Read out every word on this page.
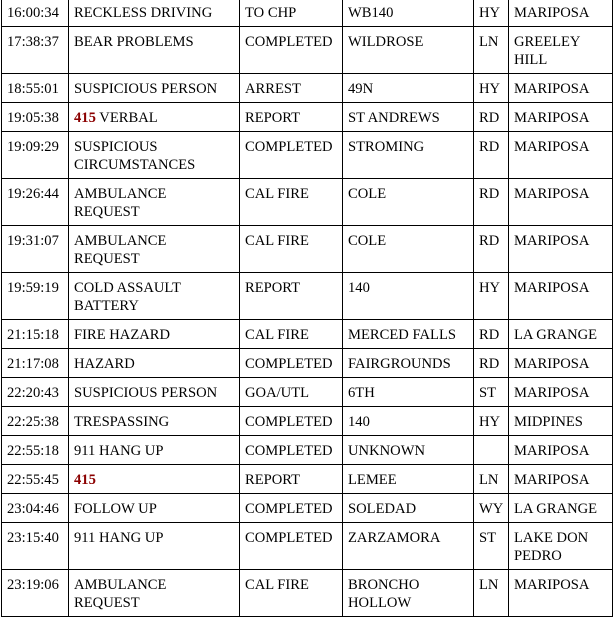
16:00:34	RECKLESS DRIVING	TO CHP	WB140	HY	MARIPOSA
17:38:37	BEAR PROBLEMS	COMPLETED	WILDROSE	LN	GREELEY HILL
18:55:01	SUSPICIOUS PERSON	ARREST	49N	HY	MARIPOSA
19:05:38	415 VERBAL	REPORT	ST ANDREWS	RD	MARIPOSA
19:09:29	SUSPICIOUS CIRCUMSTANCES	COMPLETED	STROMING	RD	MARIPOSA
19:26:44	AMBULANCE REQUEST	CAL FIRE	COLE	RD	MARIPOSA
19:31:07	AMBULANCE REQUEST	CAL FIRE	COLE	RD	MARIPOSA
19:59:19	COLD ASSAULT BATTERY	REPORT	140	HY	MARIPOSA
21:15:18	FIRE HAZARD	CAL FIRE	MERCED FALLS	RD	LA GRANGE
21:17:08	HAZARD	COMPLETED	FAIRGROUNDS	RD	MARIPOSA
22:20:43	SUSPICIOUS PERSON	GOA/UTL	6TH	ST	MARIPOSA
22:25:38	TRESPASSING	COMPLETED	140	HY	MIDPINES
22:55:18	911 HANG UP	COMPLETED	UNKNOWN		MARIPOSA
22:55:45	415	REPORT	LEMEE	LN	MARIPOSA
23:04:46	FOLLOW UP	COMPLETED	SOLEDAD	WY	LA GRANGE
23:15:40	911 HANG UP	COMPLETED	ZARZAMORA	ST	LAKE DON PEDRO
23:19:06	AMBULANCE REQUEST	CAL FIRE	BRONCHO HOLLOW	LN	MARIPOSA
